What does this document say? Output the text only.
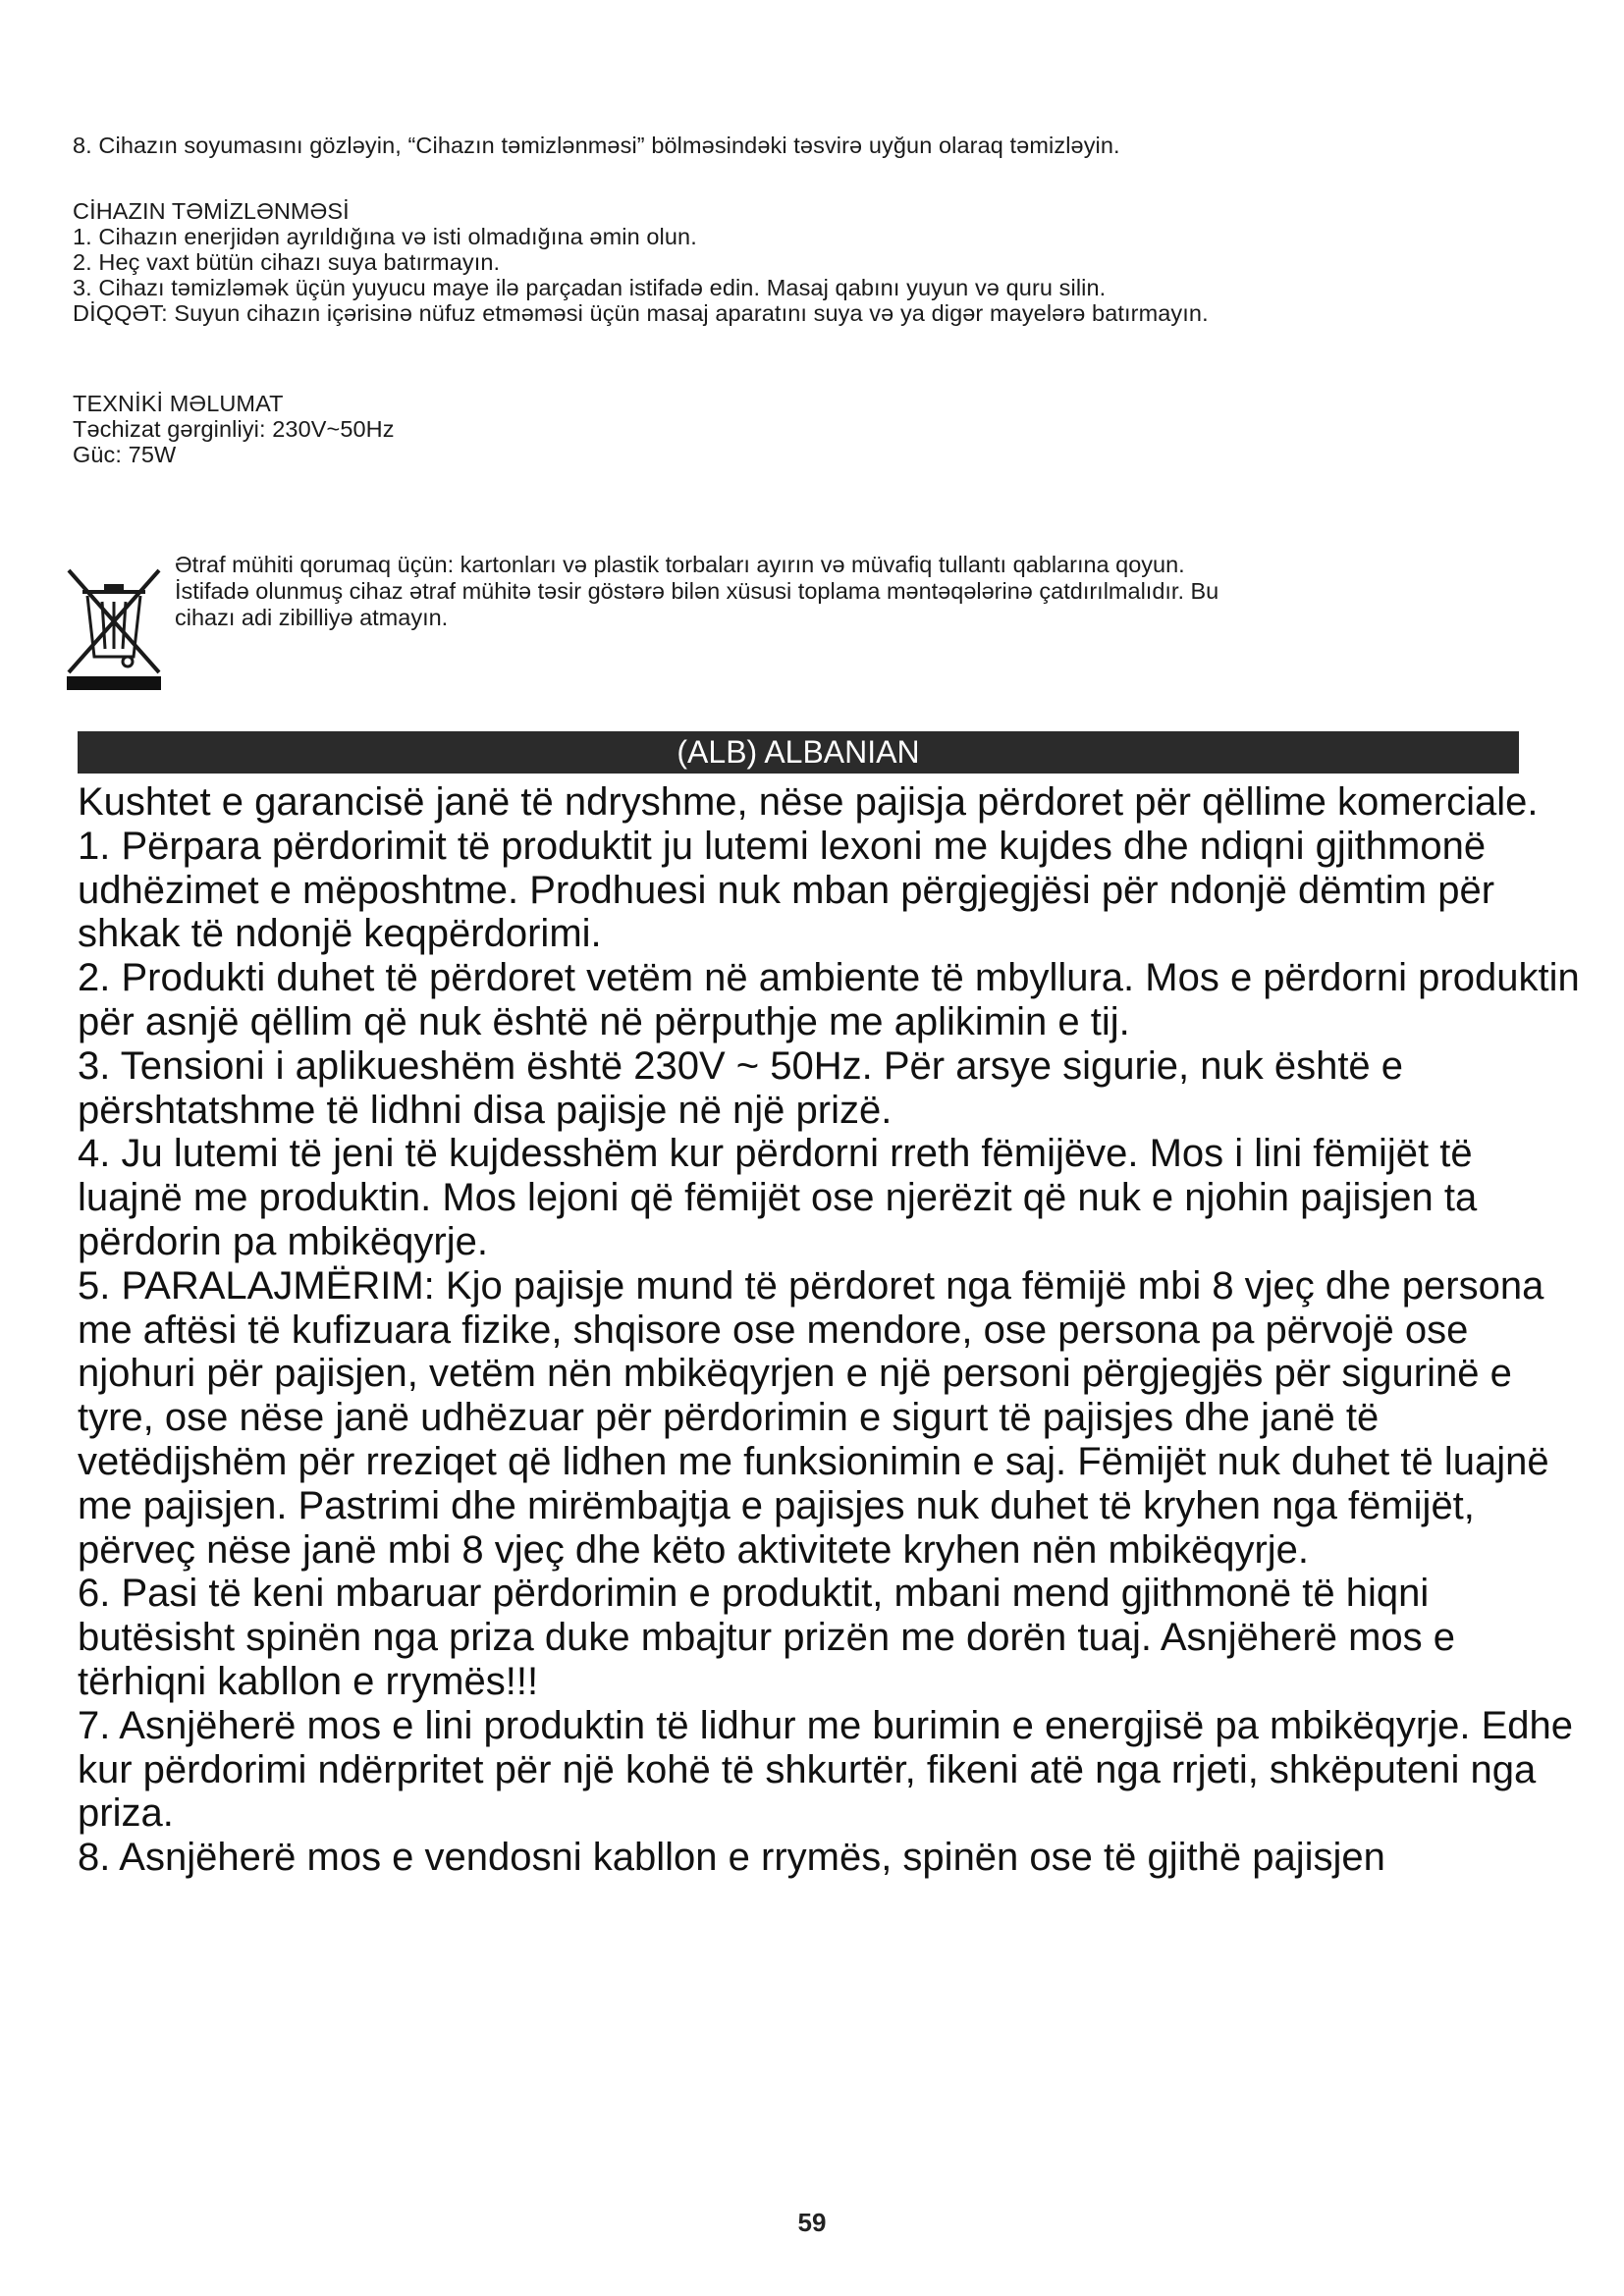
8. Cihazın soyumasını gözləyin, “Cihazın təmizlənməsi” bölməsindəki təsvirə uyğun olaraq təmizləyin.

CİHAZIN TƏMİZLƏNMƏSİ

1. Cihazın enerjidən ayrıldığına və isti olmadığına əmin olun.

2. Heç vaxt bütün cihazı suya batırmayın.

3. Cihazı təmizləmək üçün yuyucu maye ilə parçadan istifadə edin. Masaj qabını yuyun və quru silin.

DİQQƏT: Suyun cihazın içərisinə nüfuz etməməsi üçün masaj aparatını suya və ya digər mayelərə batırmayın.

TEXNİKİ MƏLUMAT

Təchizat gərginliyi: 230V~50Hz

Güc: 75W

Ətraf mühiti qorumaq üçün: kartonları və plastik torbaları ayırın və müvafiq tullantı qablarına qoyun.

İstifadə olunmuş cihaz ətraf mühitə təsir göstərə bilən xüsusi toplama məntəqələrinə çatdırılmalıdır. Bu

cihazı adi zibilliyə atmayın.

(ALB) ALBANIAN

Kushtet e garancisë janë të ndryshme, nëse pajisja përdoret për qëllime komerciale.

1. Përpara përdorimit të produktit ju lutemi lexoni me kujdes dhe ndiqni gjithmonë udhëzimet e mëposhtme. Prodhuesi nuk mban përgjegjësi për ndonjë dëmtim për shkak të ndonjë keqpërdorimi.

2. Produkti duhet të përdoret vetëm në ambiente të mbyllura. Mos e përdorni produktin për asnjë qëllim që nuk është në përputhje me aplikimin e tij.

3. Tensioni i aplikueshëm është 230V ~ 50Hz. Për arsye sigurie, nuk është e përshtatshme të lidhni disa pajisje në një prizë.

4. Ju lutemi të jeni të kujdesshëm kur përdorni rreth fëmijëve. Mos i lini fëmijët të luajnë me produktin. Mos lejoni që fëmijët ose njerëzit që nuk e njohin pajisjen ta përdorin pa mbikëqyrje.

5. PARALAJMËRIM: Kjo pajisje mund të përdoret nga fëmijë mbi 8 vjeç dhe persona me aftësi të kufizuara fizike, shqisore ose mendore, ose persona pa përvojë ose njohuri për pajisjen, vetëm nën mbikëqyrjen e një personi përgjegjës për sigurinë e tyre, ose nëse janë udhëzuar për përdorimin e sigurt të pajisjes dhe janë të vetëdijshëm për rreziqet që lidhen me funksionimin e saj. Fëmijët nuk duhet të luajnë me pajisjen. Pastrimi dhe mirëmbajtja e pajisjes nuk duhet të kryhen nga fëmijët, përveç nëse janë mbi 8 vjeç dhe këto aktivitete kryhen nën mbikëqyrje.

6. Pasi të keni mbaruar përdorimin e produktit, mbani mend gjithmonë të hiqni butësisht spinën nga priza duke mbajtur prizën me dorën tuaj. Asnjëherë mos e tërhiqni kabllon e rrymës!!!

7. Asnjëherë mos e lini produktin të lidhur me burimin e energjisë pa mbikëqyrje. Edhe kur përdorimi ndërpritet për një kohë të shkurtër, fikeni atë nga rrjeti, shkëputeni nga priza.

8. Asnjëherë mos e vendosni kabllon e rrymës, spinën ose të gjithë pajisjen

59
